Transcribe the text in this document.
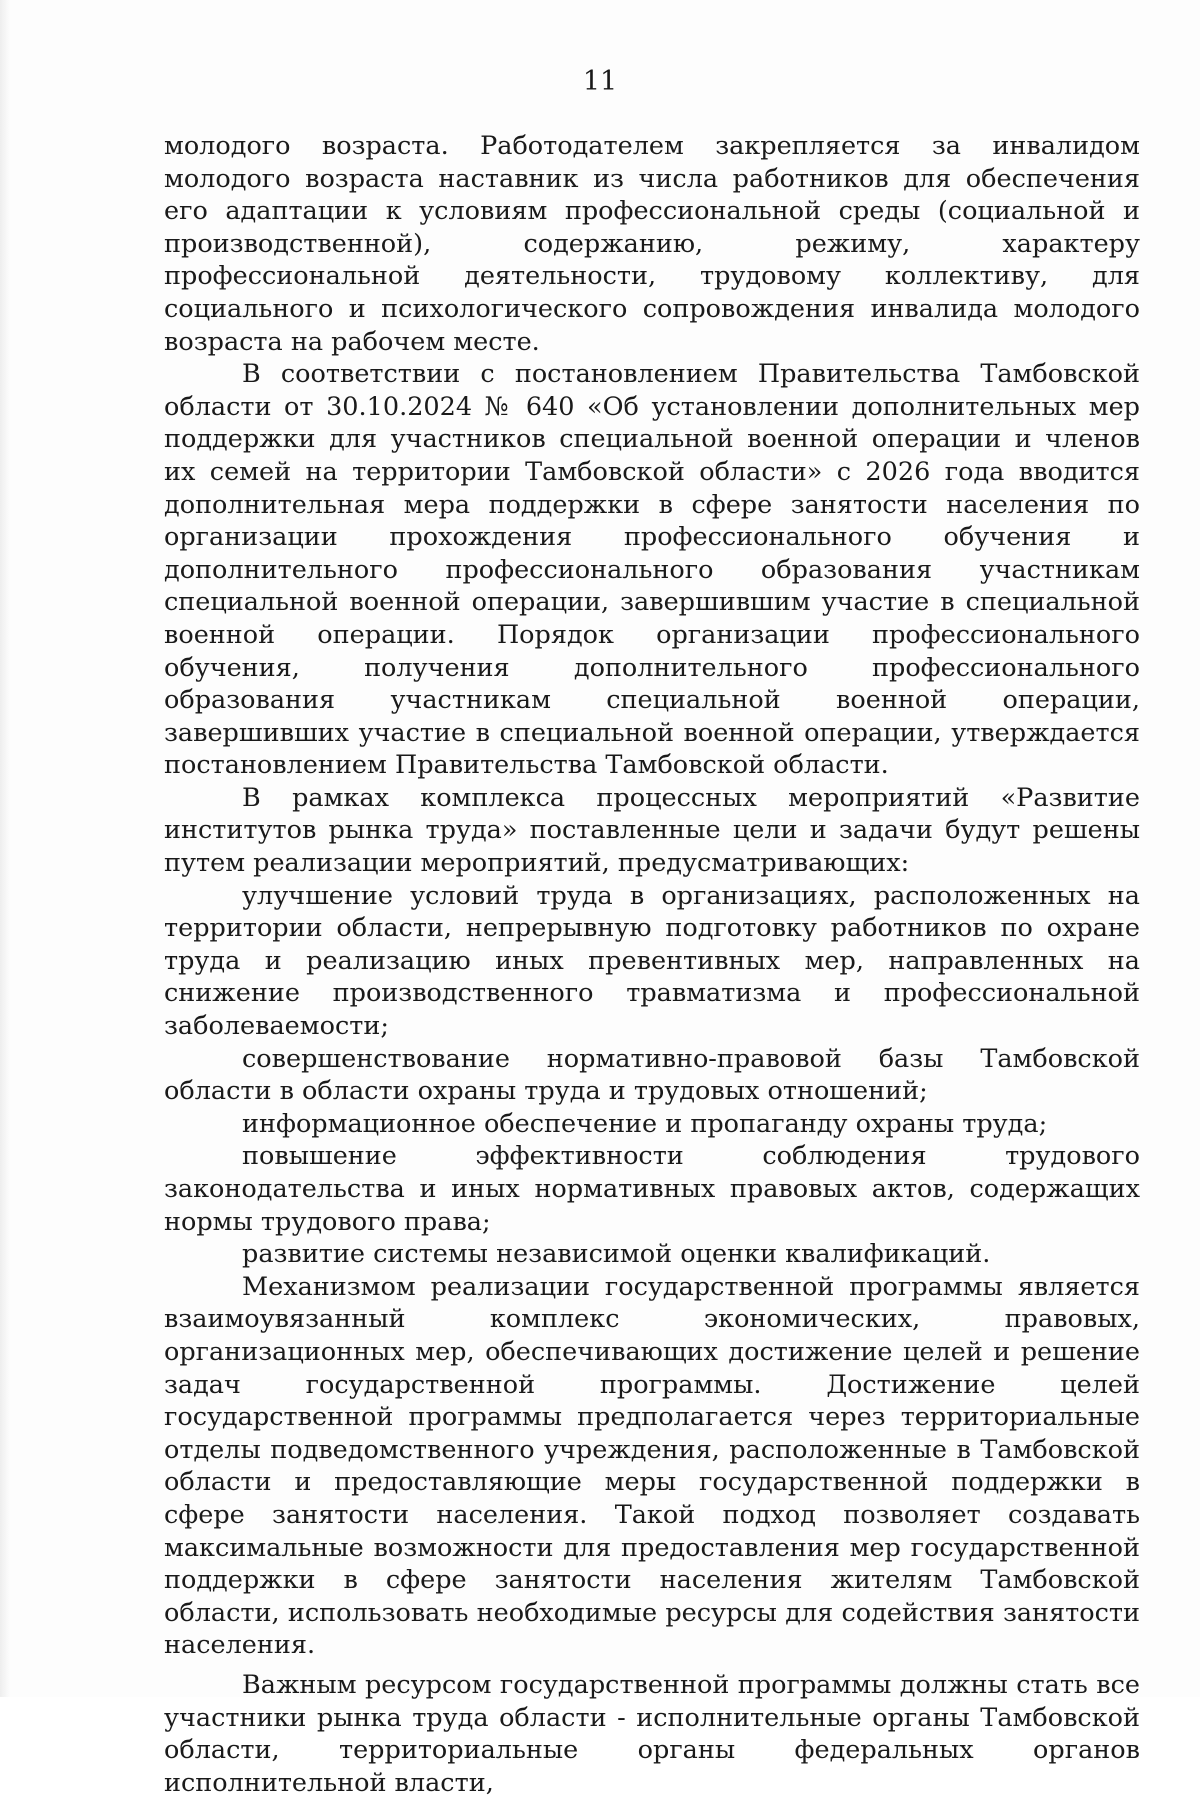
11

молодого возраста. Работодателем закрепляется за инвалидом молодого возраста наставник из числа работников для обеспечения его адаптации к условиям профессиональной среды (социальной и производственной), содержанию, режиму, характеру профессиональной деятельности, трудовому коллективу, для социального и психологического сопровождения инвалида молодого возраста на рабочем месте.

В соответствии с постановлением Правительства Тамбовской области от 30.10.2024 № 640 «Об установлении дополнительных мер поддержки для участников специальной военной операции и членов их семей на территории Тамбовской области» с 2026 года вводится дополнительная мера поддержки в сфере занятости населения по организации прохождения профессионального обучения и дополнительного профессионального образования участникам специальной военной операции, завершившим участие в специальной военной операции. Порядок организации профессионального обучения, получения дополнительного профессионального образования участникам специальной военной операции, завершивших участие в специальной военной операции, утверждается постановлением Правительства Тамбовской области.

В рамках комплекса процессных мероприятий «Развитие институтов рынка труда» поставленные цели и задачи будут решены путем реализации мероприятий, предусматривающих:

улучшение условий труда в организациях, расположенных на территории области, непрерывную подготовку работников по охране труда и реализацию иных превентивных мер, направленных на снижение производственного травматизма и профессиональной заболеваемости;

совершенствование нормативно-правовой базы Тамбовской области в области охраны труда и трудовых отношений;

информационное обеспечение и пропаганду охраны труда;

повышение эффективности соблюдения трудового законодательства и иных нормативных правовых актов, содержащих нормы трудового права;

развитие системы независимой оценки квалификаций.

Механизмом реализации государственной программы является взаимоувязанный комплекс экономических, правовых, организационных мер, обеспечивающих достижение целей и решение задач государственной программы. Достижение целей государственной программы предполагается через территориальные отделы подведомственного учреждения, расположенные в Тамбовской области и предоставляющие меры государственной поддержки в сфере занятости населения. Такой подход позволяет создавать максимальные возможности для предоставления мер государственной поддержки в сфере занятости населения жителям Тамбовской области, использовать необходимые ресурсы для содействия занятости населения.

Важным ресурсом государственной программы должны стать все участники рынка труда области - исполнительные органы Тамбовской области, территориальные органы федеральных органов исполнительной власти,
